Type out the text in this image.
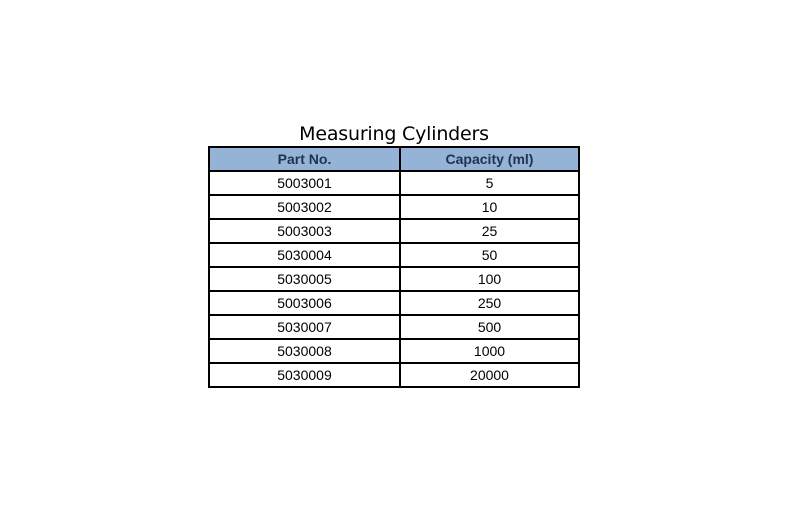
Measuring Cylinders
Part No.	Capacity (ml)
5003001	5
5003002	10
5003003	25
5030004	50
5030005	100
5003006	250
5030007	500
5030008	1000
5030009	20000
